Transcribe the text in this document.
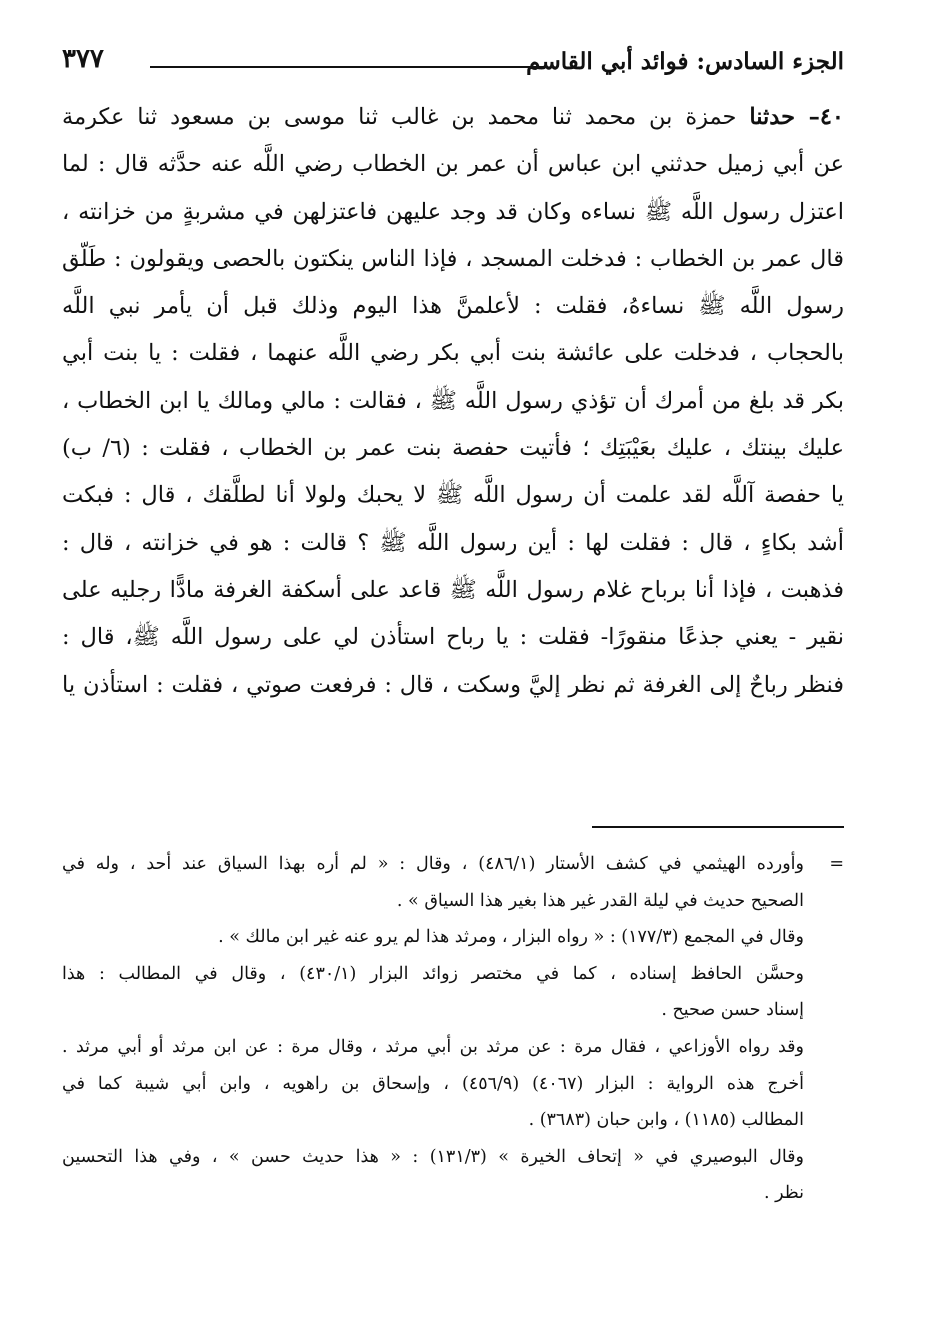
الجزء السادس: فوائد أبي القاسم
٣٧٧
٤٠– حدثنا حمزة بن محمد ثنا محمد بن غالب ثنا موسى بن مسعود ثنا عكرمة
عن أبي زميل حدثني ابن عباس أن عمر بن الخطاب رضي اللَّه عنه حدَّثه قال : لما
اعتزل رسول اللَّه ﷺ نساءه وكان قد وجد عليهن فاعتزلهن في مشربةٍ من خزانته ،
قال عمر بن الخطاب : فدخلت المسجد ، فإذا الناس ينكتون بالحصى ويقولون : طَلّق
رسول اللَّه ﷺ نساءهُ، فقلت : لأعلمنَّ هذا اليوم وذلك قبل أن يأمر نبي اللَّه
بالحجاب ، فدخلت على عائشة بنت أبي بكر رضي اللَّه عنهما ، فقلت : يا بنت أبي
بكر قد بلغ من أمرك أن تؤذي رسول اللَّه ﷺ ، فقالت : مالي ومالك يا ابن الخطاب ،
عليك بينتك ، عليك بعَيْبَتِك ؛ فأتيت حفصة بنت عمر بن الخطاب ، فقلت : (٦/ ب)
يا حفصة آللَّه لقد علمت أن رسول اللَّه ﷺ لا يحبك ولولا أنا لطلَّقك ، قال : فبكت
أشد بكاءٍ ، قال : فقلت لها : أين رسول اللَّه ﷺ ؟ قالت : هو في خزانته ، قال :
فذهبت ، فإذا أنا برباح غلام رسول اللَّه ﷺ قاعد على أسكفة الغرفة مادًّا رجليه على
نقير - يعني جذعًا منقورًا- فقلت : يا رباح استأذن لي على رسول اللَّه ﷺ، قال :
فنظر رباحٌ إلى الغرفة ثم نظر إليَّ وسكت ، قال : فرفعت صوتي ، فقلت : استأذن يا
=وأورده الهيثمي في كشف الأستار (٤٨٦/١) ، وقال : « لم أره بهذا السياق عند أحد ، وله في
الصحيح حديث في ليلة القدر غير هذا بغير هذا السياق » .
وقال في المجمع (١٧٧/٣) : « رواه البزار ، ومرثد هذا لم يرو عنه غير ابن مالك » .
وحسَّن الحافظ إسناده ، كما في مختصر زوائد البزار (٤٣٠/١) ، وقال في المطالب : هذا
إسناد حسن صحيح .
وقد رواه الأوزاعي ، فقال مرة : عن مرثد بن أبي مرثد ، وقال مرة : عن ابن مرثد أو أبي مرثد .
أخرج هذه الرواية : البزار (٤٠٦٧) (٤٥٦/٩) ، وإسحاق بن راهويه ، وابن أبي شيبة كما في
المطالب (١١٨٥) ، وابن حبان (٣٦٨٣) .
وقال البوصيري في « إتحاف الخيرة » (١٣١/٣) : « هذا حديث حسن » ، وفي هذا التحسين
نظر .
